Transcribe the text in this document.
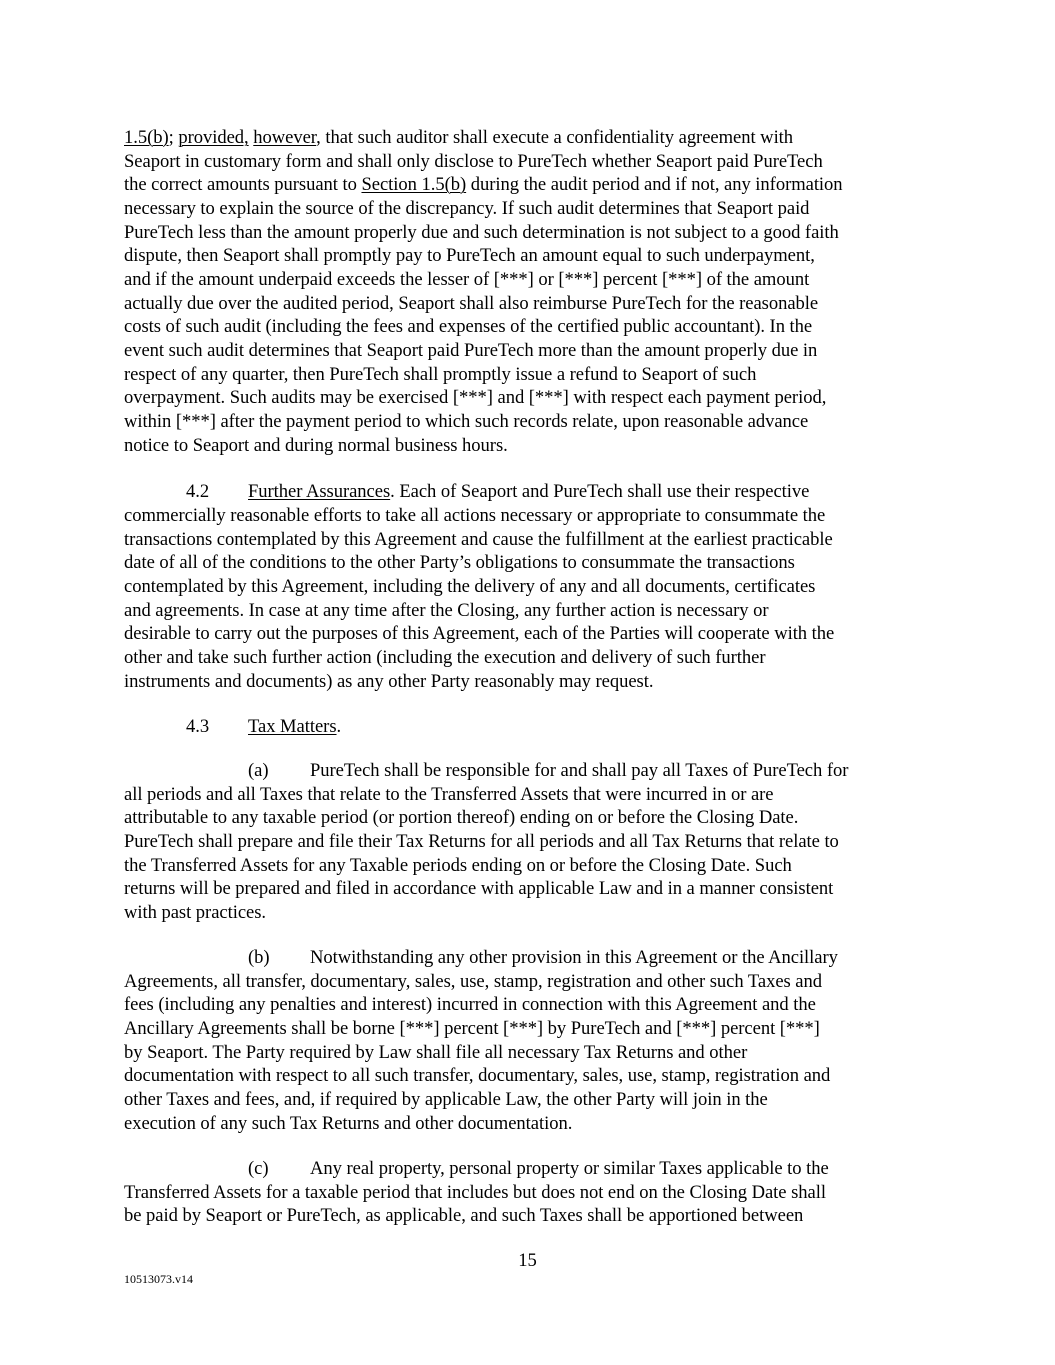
1.5(b); provided, however, that such auditor shall execute a confidentiality agreement with
Seaport in customary form and shall only disclose to PureTech whether Seaport paid PureTech
the correct amounts pursuant to Section 1.5(b) during the audit period and if not, any information
necessary to explain the source of the discrepancy. If such audit determines that Seaport paid
PureTech less than the amount properly due and such determination is not subject to a good faith
dispute, then Seaport shall promptly pay to PureTech an amount equal to such underpayment,
and if the amount underpaid exceeds the lesser of [***] or [***] percent [***] of the amount
actually due over the audited period, Seaport shall also reimburse PureTech for the reasonable
costs of such audit (including the fees and expenses of the certified public accountant). In the
event such audit determines that Seaport paid PureTech more than the amount properly due in
respect of any quarter, then PureTech shall promptly issue a refund to Seaport of such
overpayment. Such audits may be exercised [***] and [***] with respect each payment period,
within [***] after the payment period to which such records relate, upon reasonable advance
notice to Seaport and during normal business hours.
4.2 Further Assurances. Each of Seaport and PureTech shall use their respective
commercially reasonable efforts to take all actions necessary or appropriate to consummate the
transactions contemplated by this Agreement and cause the fulfillment at the earliest practicable
date of all of the conditions to the other Party’s obligations to consummate the transactions
contemplated by this Agreement, including the delivery of any and all documents, certificates
and agreements. In case at any time after the Closing, any further action is necessary or
desirable to carry out the purposes of this Agreement, each of the Parties will cooperate with the
other and take such further action (including the execution and delivery of such further
instruments and documents) as any other Party reasonably may request.
4.3 Tax Matters.
(a) PureTech shall be responsible for and shall pay all Taxes of PureTech for
all periods and all Taxes that relate to the Transferred Assets that were incurred in or are
attributable to any taxable period (or portion thereof) ending on or before the Closing Date.
PureTech shall prepare and file their Tax Returns for all periods and all Tax Returns that relate to
the Transferred Assets for any Taxable periods ending on or before the Closing Date. Such
returns will be prepared and filed in accordance with applicable Law and in a manner consistent
with past practices.
(b) Notwithstanding any other provision in this Agreement or the Ancillary
Agreements, all transfer, documentary, sales, use, stamp, registration and other such Taxes and
fees (including any penalties and interest) incurred in connection with this Agreement and the
Ancillary Agreements shall be borne [***] percent [***] by PureTech and [***] percent [***]
by Seaport. The Party required by Law shall file all necessary Tax Returns and other
documentation with respect to all such transfer, documentary, sales, use, stamp, registration and
other Taxes and fees, and, if required by applicable Law, the other Party will join in the
execution of any such Tax Returns and other documentation.
(c) Any real property, personal property or similar Taxes applicable to the
Transferred Assets for a taxable period that includes but does not end on the Closing Date shall
be paid by Seaport or PureTech, as applicable, and such Taxes shall be apportioned between
15
10513073.v14
